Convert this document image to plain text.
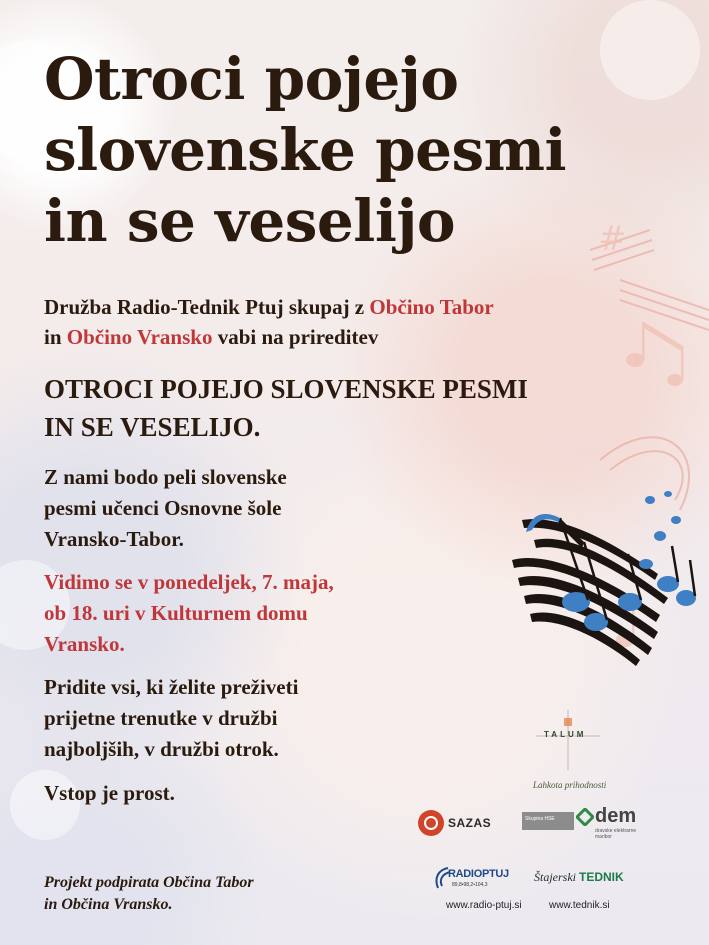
#
Otroci pojejo
slovenske pesmi
in se veselijo

Družba Radio-Tednik Ptuj skupaj z Občino Tabor
in Občino Vransko vabi na prireditev

OTROCI POJEJO SLOVENSKE PESMI
IN SE VESELIJO.

Z nami bodo peli slovenske
pesmi učenci Osnovne šole
Vransko-Tabor.

Vidimo se v ponedeljek, 7. maja,
ob 18. uri v Kulturnem domu
Vransko.

Pridite vsi, ki želite preživeti
prijetne trenutke v družbi
najboljših, v družbi otrok.

Vstop je prost.

Projekt podpirata Občina Tabor
in Občina Vransko.

TALUM
Lahkota prihodnosti
SAZAS	Skupina HSE dem
dravske elektrarne maribor
RADIOPTUJ
89,8•98,2•104,3
Štajerski TEDNIK
www.radio-ptuj.si	www.tednik.si
